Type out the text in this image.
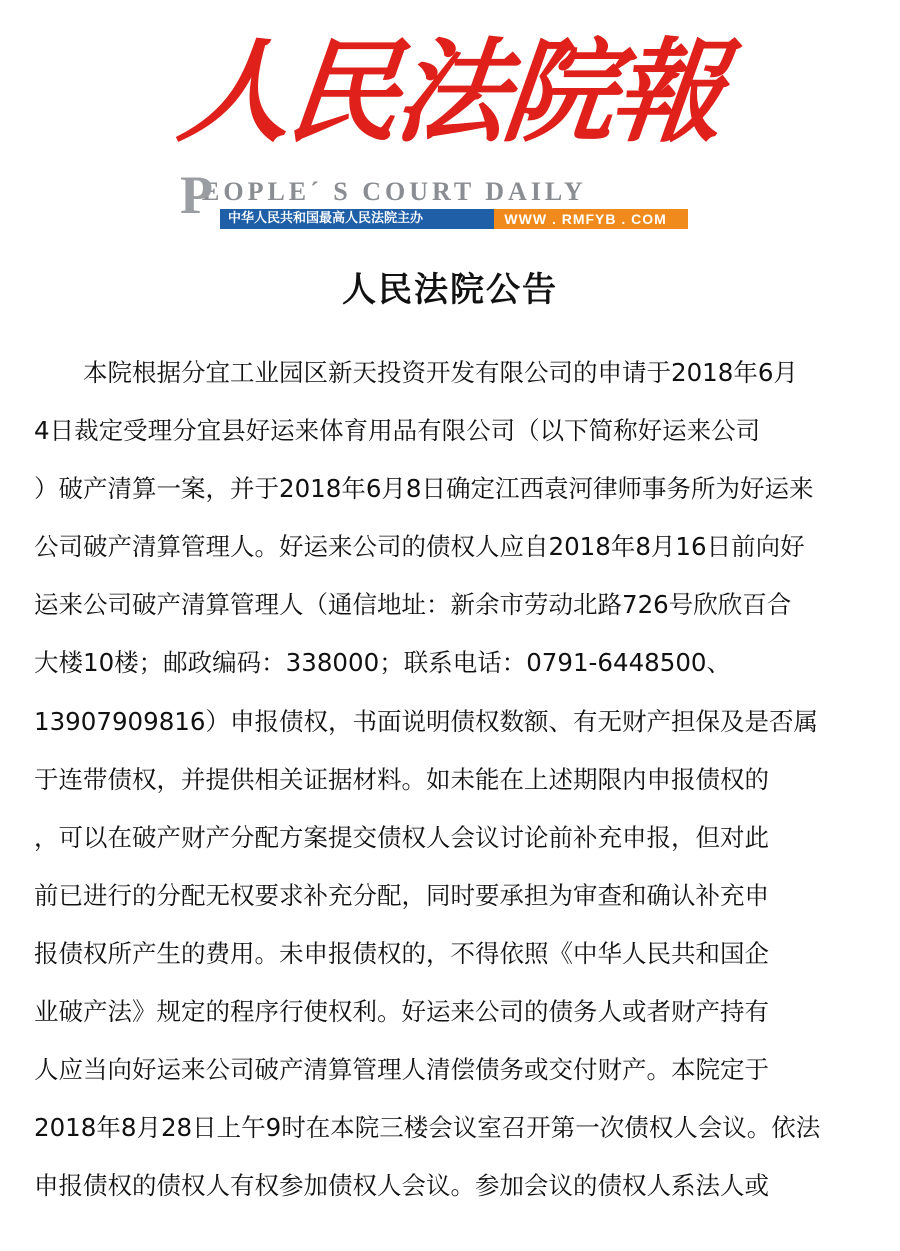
人民法院報
P
EOPLE´ S COURT DAILY
中华人民共和国最高人民法院主办	WWW . RMFYB . COM
人民法院公告
本院根据分宜工业园区新天投资开发有限公司的申请于2018年6月
4日裁定受理分宜县好运来体育用品有限公司（以下简称好运来公司
）破产清算一案，并于2018年6月8日确定江西袁河律师事务所为好运来
公司破产清算管理人。好运来公司的债权人应自2018年8月16日前向好
运来公司破产清算管理人（通信地址：新余市劳动北路726号欣欣百合
大楼10楼；邮政编码：338000；联系电话：0791-6448500、
13907909816）申报债权，书面说明债权数额、有无财产担保及是否属
于连带债权，并提供相关证据材料。如未能在上述期限内申报债权的
，可以在破产财产分配方案提交债权人会议讨论前补充申报，但对此
前已进行的分配无权要求补充分配，同时要承担为审查和确认补充申
报债权所产生的费用。未申报债权的，不得依照《中华人民共和国企
业破产法》规定的程序行使权利。好运来公司的债务人或者财产持有
人应当向好运来公司破产清算管理人清偿债务或交付财产。本院定于
2018年8月28日上午9时在本院三楼会议室召开第一次债权人会议。依法
申报债权的债权人有权参加债权人会议。参加会议的债权人系法人或
